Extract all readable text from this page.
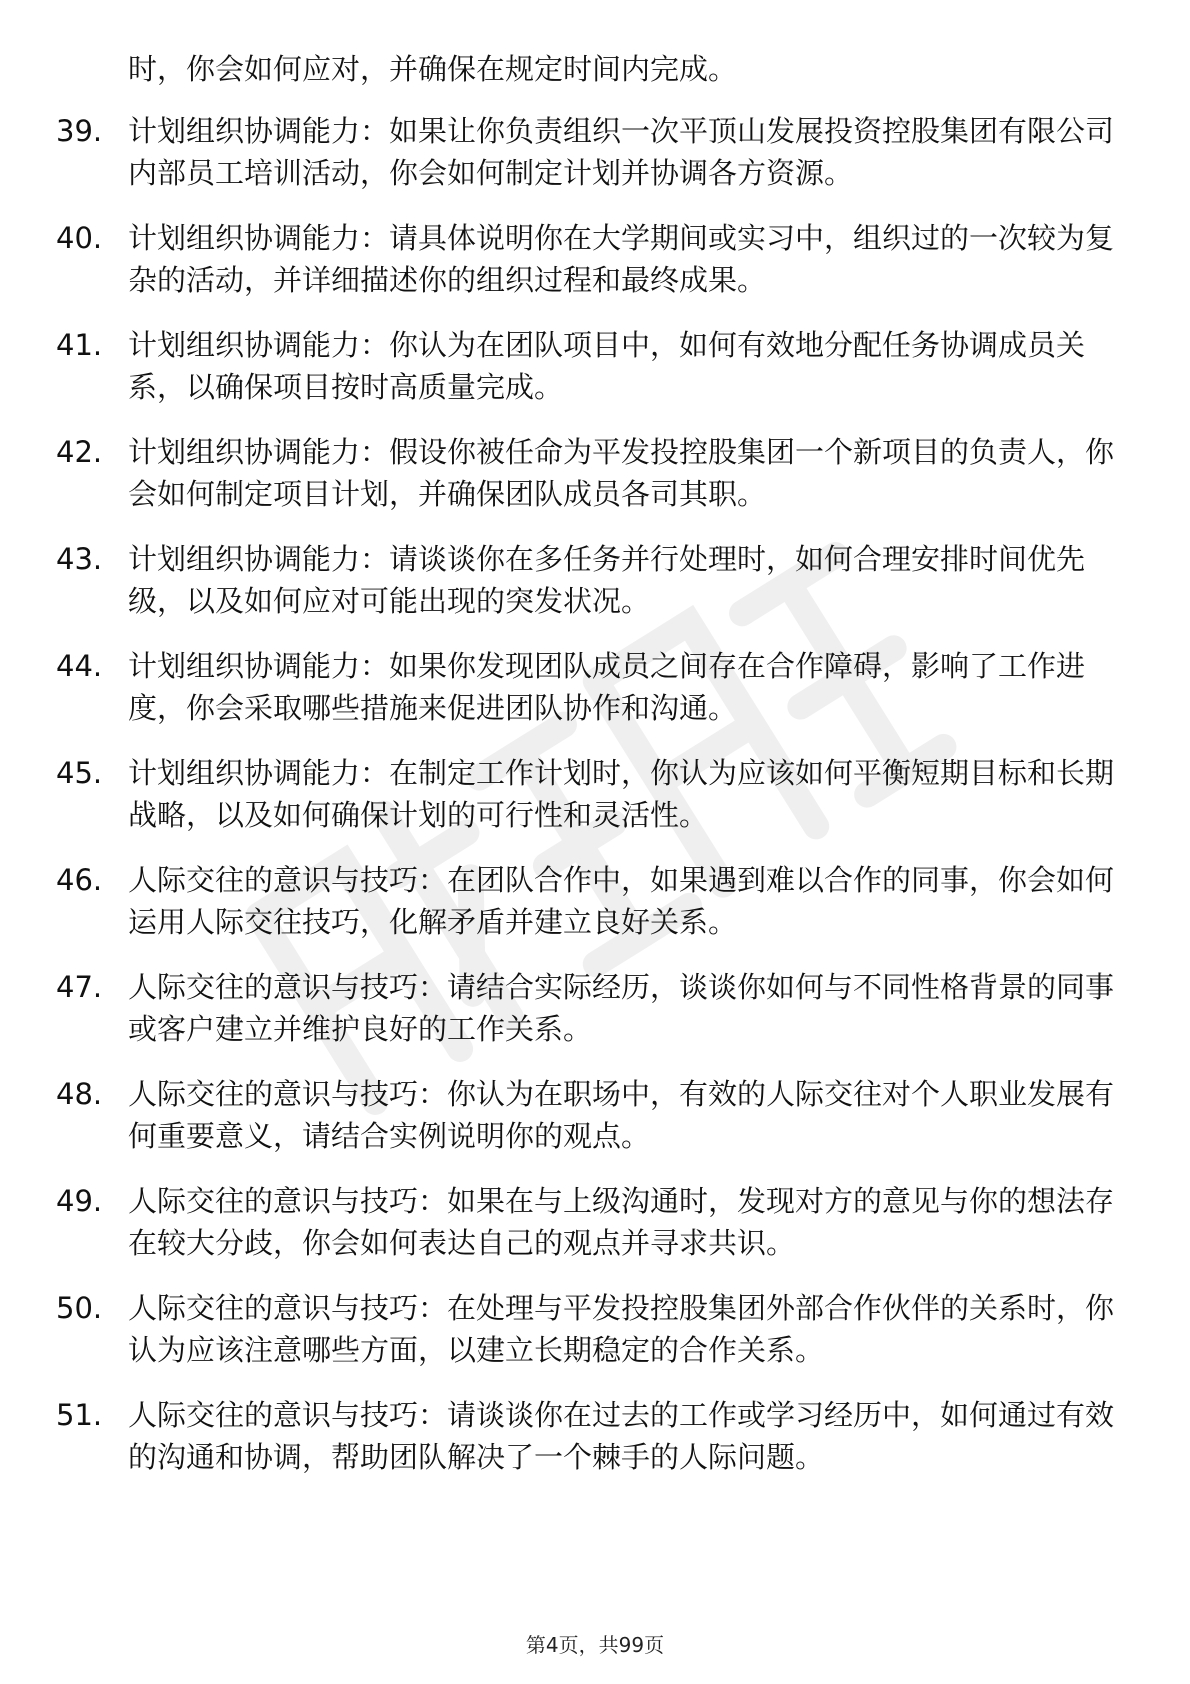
时，你会如何应对，并确保在规定时间内完成。

39. 计划组织协调能力：如果让你负责组织一次平顶山发展投资控股集团有限公司内部员工培训活动，你会如何制定计划并协调各方资源。
40. 计划组织协调能力：请具体说明你在大学期间或实习中，组织过的一次较为复杂的活动，并详细描述你的组织过程和最终成果。
41. 计划组织协调能力：你认为在团队项目中，如何有效地分配任务协调成员关系，以确保项目按时高质量完成。
42. 计划组织协调能力：假设你被任命为平发投控股集团一个新项目的负责人，你会如何制定项目计划，并确保团队成员各司其职。
43. 计划组织协调能力：请谈谈你在多任务并行处理时，如何合理安排时间优先级，以及如何应对可能出现的突发状况。
44. 计划组织协调能力：如果你发现团队成员之间存在合作障碍，影响了工作进度，你会采取哪些措施来促进团队协作和沟通。
45. 计划组织协调能力：在制定工作计划时，你认为应该如何平衡短期目标和长期战略，以及如何确保计划的可行性和灵活性。
46. 人际交往的意识与技巧：在团队合作中，如果遇到难以合作的同事，你会如何运用人际交往技巧，化解矛盾并建立良好关系。
47. 人际交往的意识与技巧：请结合实际经历，谈谈你如何与不同性格背景的同事或客户建立并维护良好的工作关系。
48. 人际交往的意识与技巧：你认为在职场中，有效的人际交往对个人职业发展有何重要意义，请结合实例说明你的观点。
49. 人际交往的意识与技巧：如果在与上级沟通时，发现对方的意见与你的想法存在较大分歧，你会如何表达自己的观点并寻求共识。
50. 人际交往的意识与技巧：在处理与平发投控股集团外部合作伙伴的关系时，你认为应该注意哪些方面，以建立长期稳定的合作关系。
51. 人际交往的意识与技巧：请谈谈你在过去的工作或学习经历中，如何通过有效的沟通和协调，帮助团队解决了一个棘手的人际问题。
第4页，共99页
